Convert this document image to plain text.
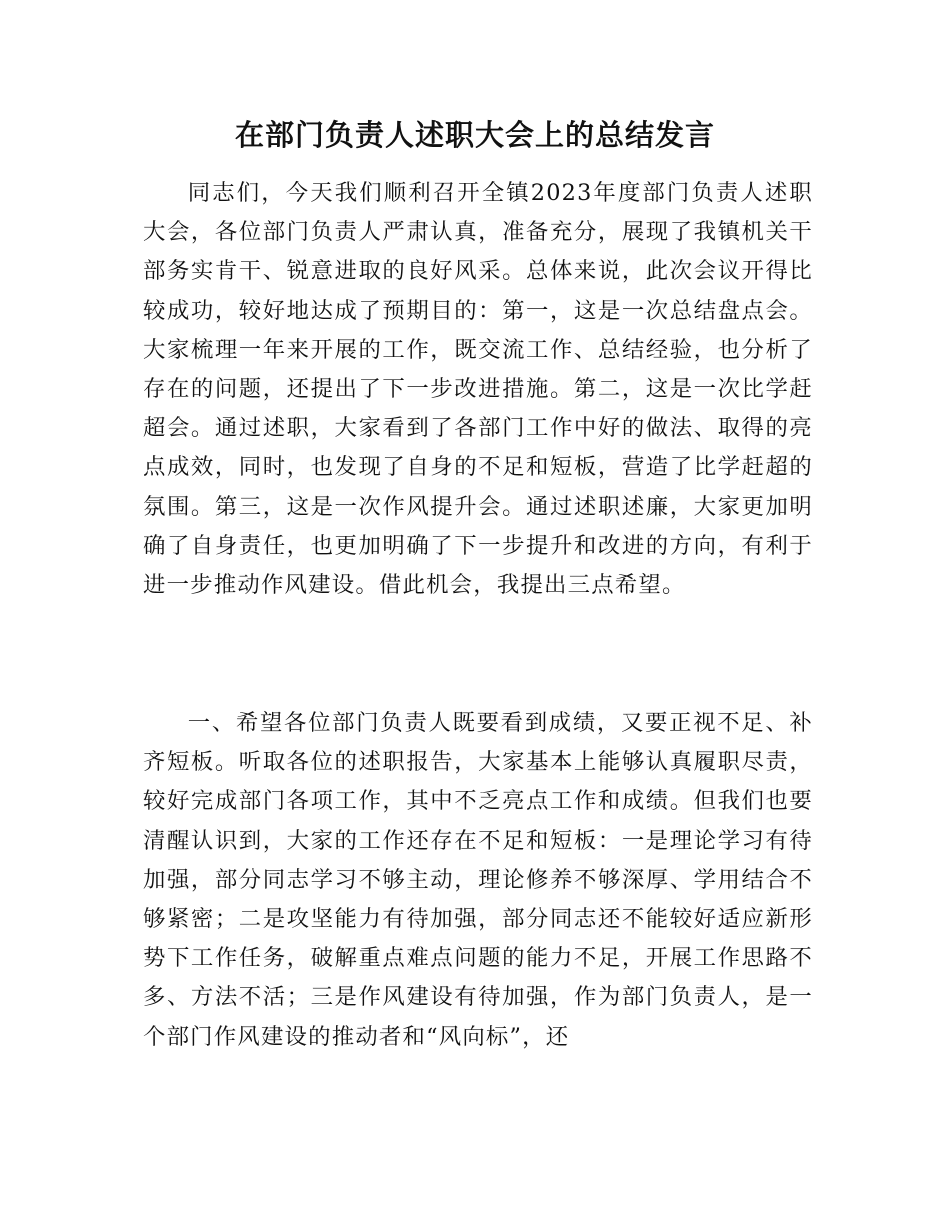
在部门负责人述职大会上的总结发言

同志们，今天我们顺利召开全镇2023年度部门负责人述职大会，各位部门负责人严肃认真，准备充分，展现了我镇机关干部务实肯干、锐意进取的良好风采。总体来说，此次会议开得比较成功，较好地达成了预期目的：第一，这是一次总结盘点会。大家梳理一年来开展的工作，既交流工作、总结经验，也分析了存在的问题，还提出了下一步改进措施。第二，这是一次比学赶超会。通过述职，大家看到了各部门工作中好的做法、取得的亮点成效，同时，也发现了自身的不足和短板，营造了比学赶超的氛围。第三，这是一次作风提升会。通过述职述廉，大家更加明确了自身责任，也更加明确了下一步提升和改进的方向，有利于进一步推动作风建设。借此机会，我提出三点希望。

一、希望各位部门负责人既要看到成绩，又要正视不足、补齐短板。听取各位的述职报告，大家基本上能够认真履职尽责，较好完成部门各项工作，其中不乏亮点工作和成绩。但我们也要清醒认识到，大家的工作还存在不足和短板：一是理论学习有待加强，部分同志学习不够主动，理论修养不够深厚、学用结合不够紧密；二是攻坚能力有待加强，部分同志还不能较好适应新形势下工作任务，破解重点难点问题的能力不足，开展工作思路不多、方法不活；三是作风建设有待加强，作为部门负责人，是一个部门作风建设的推动者和“风向标”，还
